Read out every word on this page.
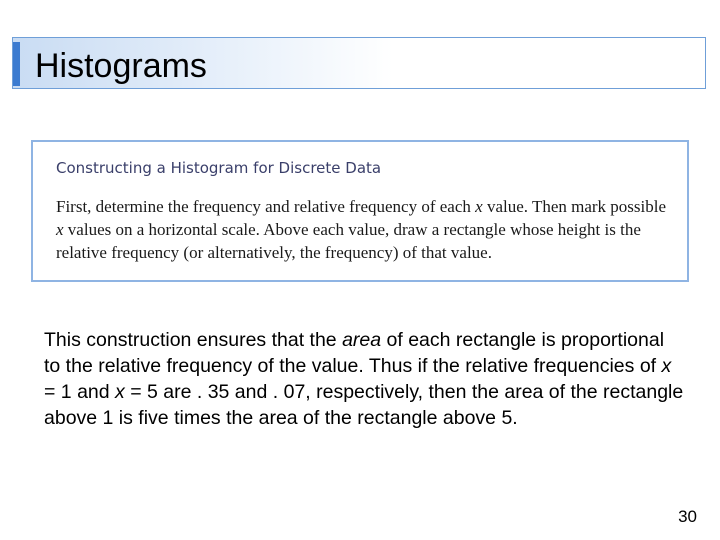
Histograms
Constructing a Histogram for Discrete Data

First, determine the frequency and relative frequency of each x value. Then mark possible x values on a horizontal scale. Above each value, draw a rectangle whose height is the relative frequency (or alternatively, the frequency) of that value.

This construction ensures that the area of each rectangle is proportional to the relative frequency of the value. Thus if the relative frequencies of x = 1 and x = 5 are . 35 and . 07, respectively, then the area of the rectangle above 1 is five times the area of the rectangle above 5.

30
